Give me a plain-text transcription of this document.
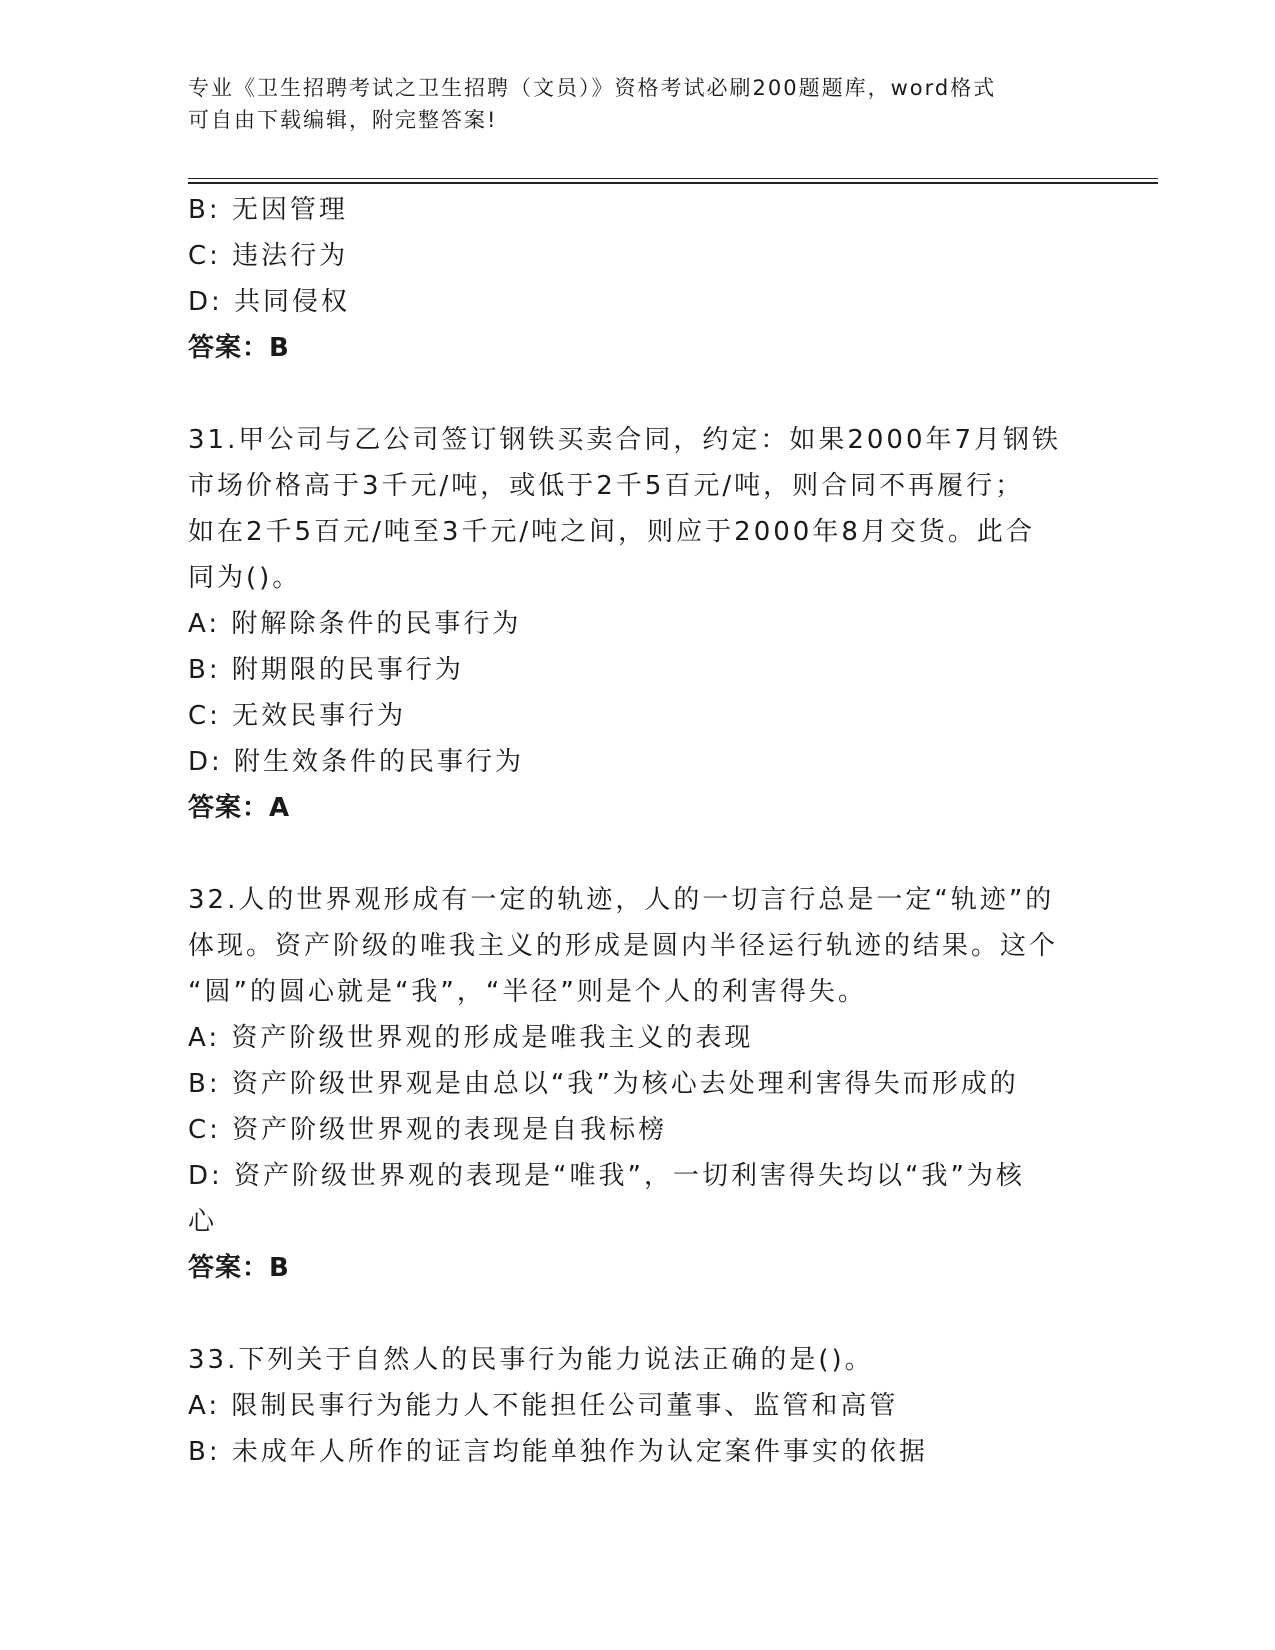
专业《卫生招聘考试之卫生招聘（文员）》资格考试必刷200题题库，word格式
可自由下载编辑，附完整答案!
B: 无因管理
C: 违法行为
D: 共同侵权
答案：B
31.甲公司与乙公司签订钢铁买卖合同，约定：如果2000年7月钢铁
市场价格高于3千元/吨，或低于2千5百元/吨，则合同不再履行；
如在2千5百元/吨至3千元/吨之间，则应于2000年8月交货。此合
同为()。
A: 附解除条件的民事行为
B: 附期限的民事行为
C: 无效民事行为
D: 附生效条件的民事行为
答案：A
32.人的世界观形成有一定的轨迹，人的一切言行总是一定“轨迹”的
体现。资产阶级的唯我主义的形成是圆内半径运行轨迹的结果。这个
“圆”的圆心就是“我”，“半径”则是个人的利害得失。
A: 资产阶级世界观的形成是唯我主义的表现
B: 资产阶级世界观是由总以“我”为核心去处理利害得失而形成的
C: 资产阶级世界观的表现是自我标榜
D: 资产阶级世界观的表现是“唯我”，一切利害得失均以“我”为核
心
答案：B
33.下列关于自然人的民事行为能力说法正确的是()。
A: 限制民事行为能力人不能担任公司董事、监管和高管
B: 未成年人所作的证言均能单独作为认定案件事实的依据
